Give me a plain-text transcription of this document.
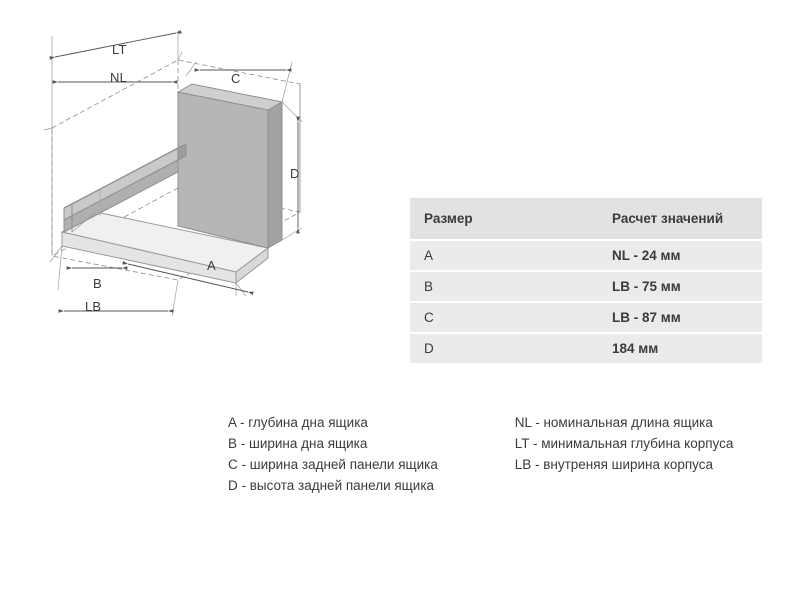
LT
NL	C
D
A
B
LB
Размер	Расчет значений
A	NL - 24 мм
B	LB - 75 мм
C	LB - 87 мм
D	184 мм
A - глубина дна ящика
B - ширина дна ящика
C - ширина задней панели ящика
D - высота задней панели ящика
NL - номинальная длина ящика
LT - минимальная глубина корпуса
LB - внутреняя ширина корпуса
